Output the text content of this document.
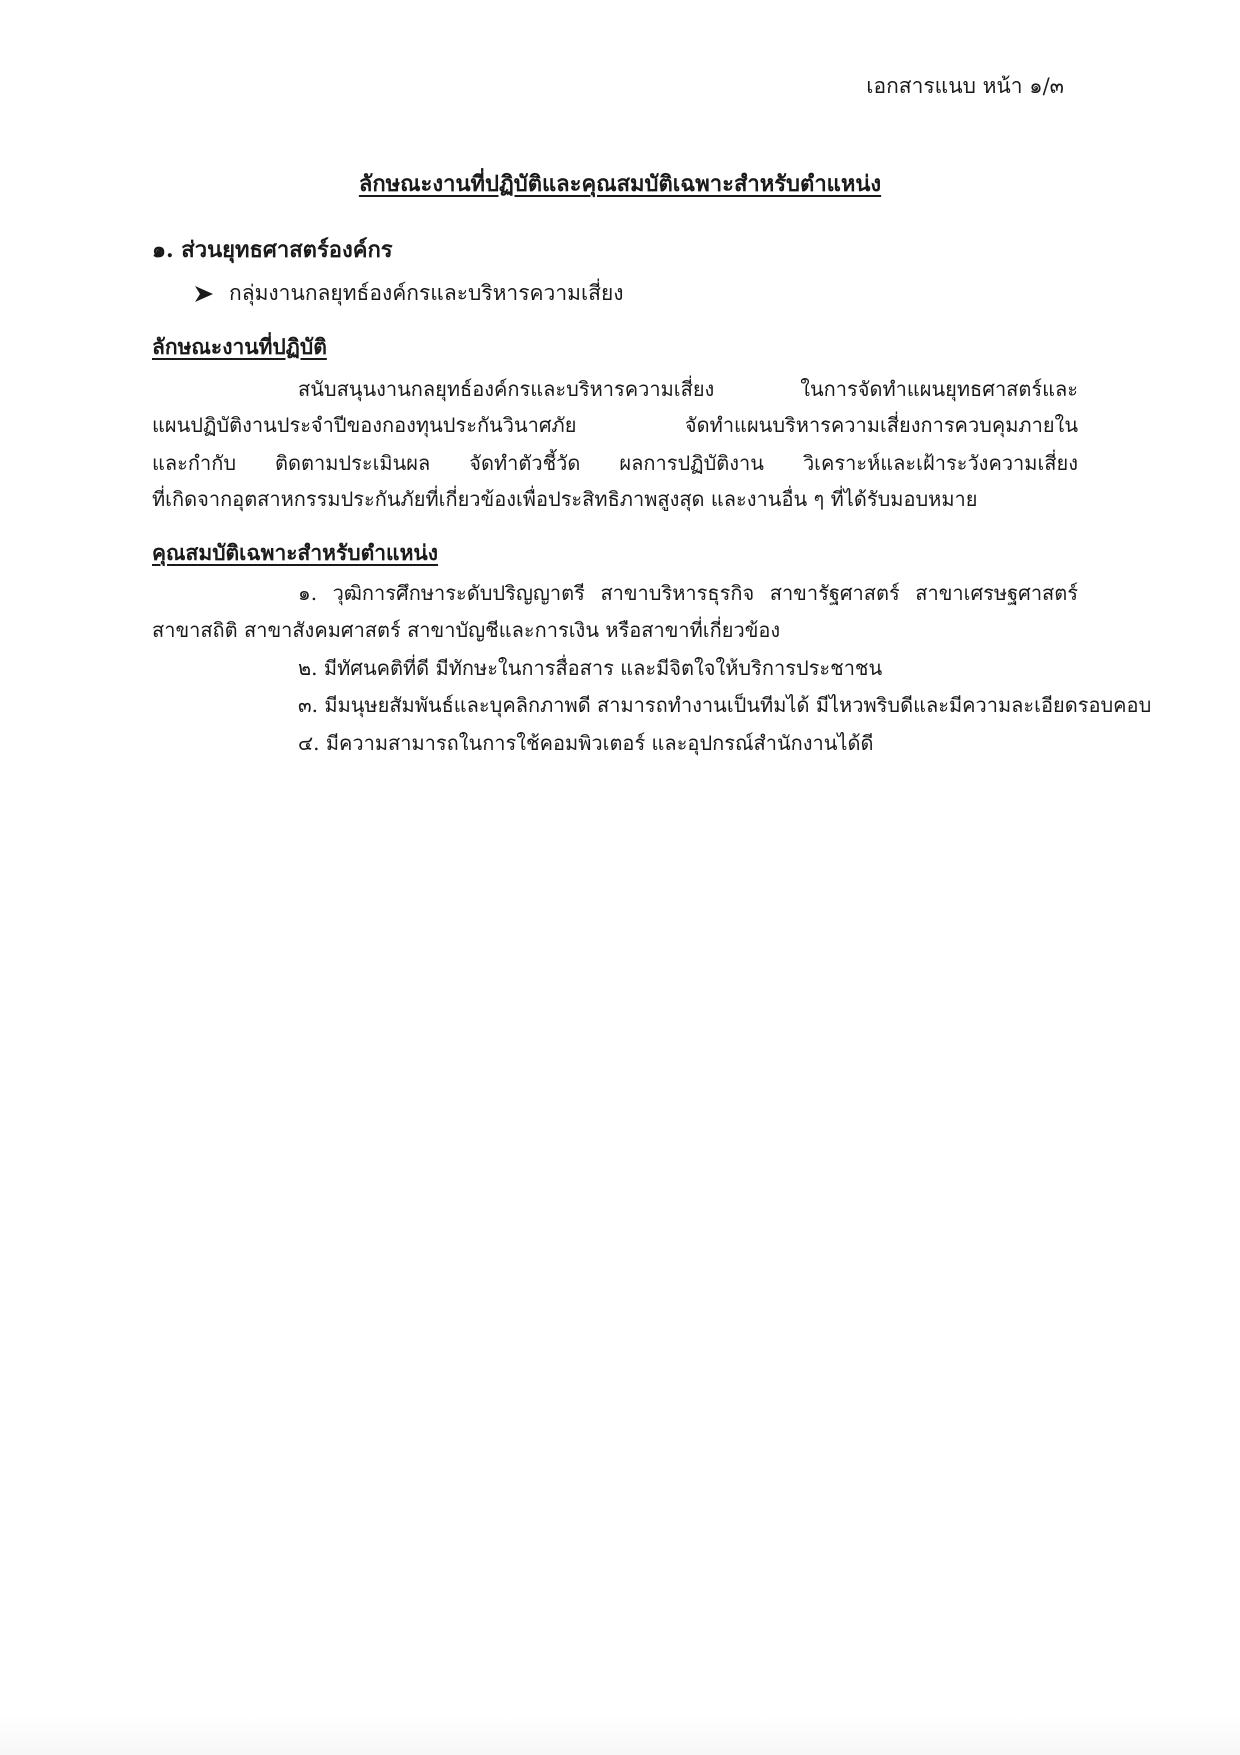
เอกสารแนบ หน้า ๑/๓
ลักษณะงานที่ปฏิบัติและคุณสมบัติเฉพาะสำหรับตำแหน่ง
๑. ส่วนยุทธศาสตร์องค์กร
กลุ่มงานกลยุทธ์องค์กรและบริหารความเสี่ยง
ลักษณะงานที่ปฏิบัติ
สนับสนุนงานกลยุทธ์องค์กรและบริหารความเสี่ยง ในการจัดทำแผนยุทธศาสตร์และ
แผนปฏิบัติงานประจำปีของกองทุนประกันวินาศภัย จัดทำแผนบริหารความเสี่ยงการควบคุมภายใน
และกำกับ ติดตามประเมินผล จัดทำตัวชี้วัด ผลการปฏิบัติงาน วิเคราะห์และเฝ้าระวังความเสี่ยง
ที่เกิดจากอุตสาหกรรมประกันภัยที่เกี่ยวข้องเพื่อประสิทธิภาพสูงสุด และงานอื่น ๆ ที่ได้รับมอบหมาย
คุณสมบัติเฉพาะสำหรับตำแหน่ง
๑. วุฒิการศึกษาระดับปริญญาตรี สาขาบริหารธุรกิจ สาขารัฐศาสตร์ สาขาเศรษฐศาสตร์
สาขาสถิติ สาขาสังคมศาสตร์ สาขาบัญชีและการเงิน หรือสาขาที่เกี่ยวข้อง
๒. มีทัศนคติที่ดี มีทักษะในการสื่อสาร และมีจิตใจให้บริการประชาชน
๓. มีมนุษยสัมพันธ์และบุคลิกภาพดี สามารถทำงานเป็นทีมได้ มีไหวพริบดีและมีความละเอียดรอบคอบ
๔. มีความสามารถในการใช้คอมพิวเตอร์ และอุปกรณ์สำนักงานได้ดี
